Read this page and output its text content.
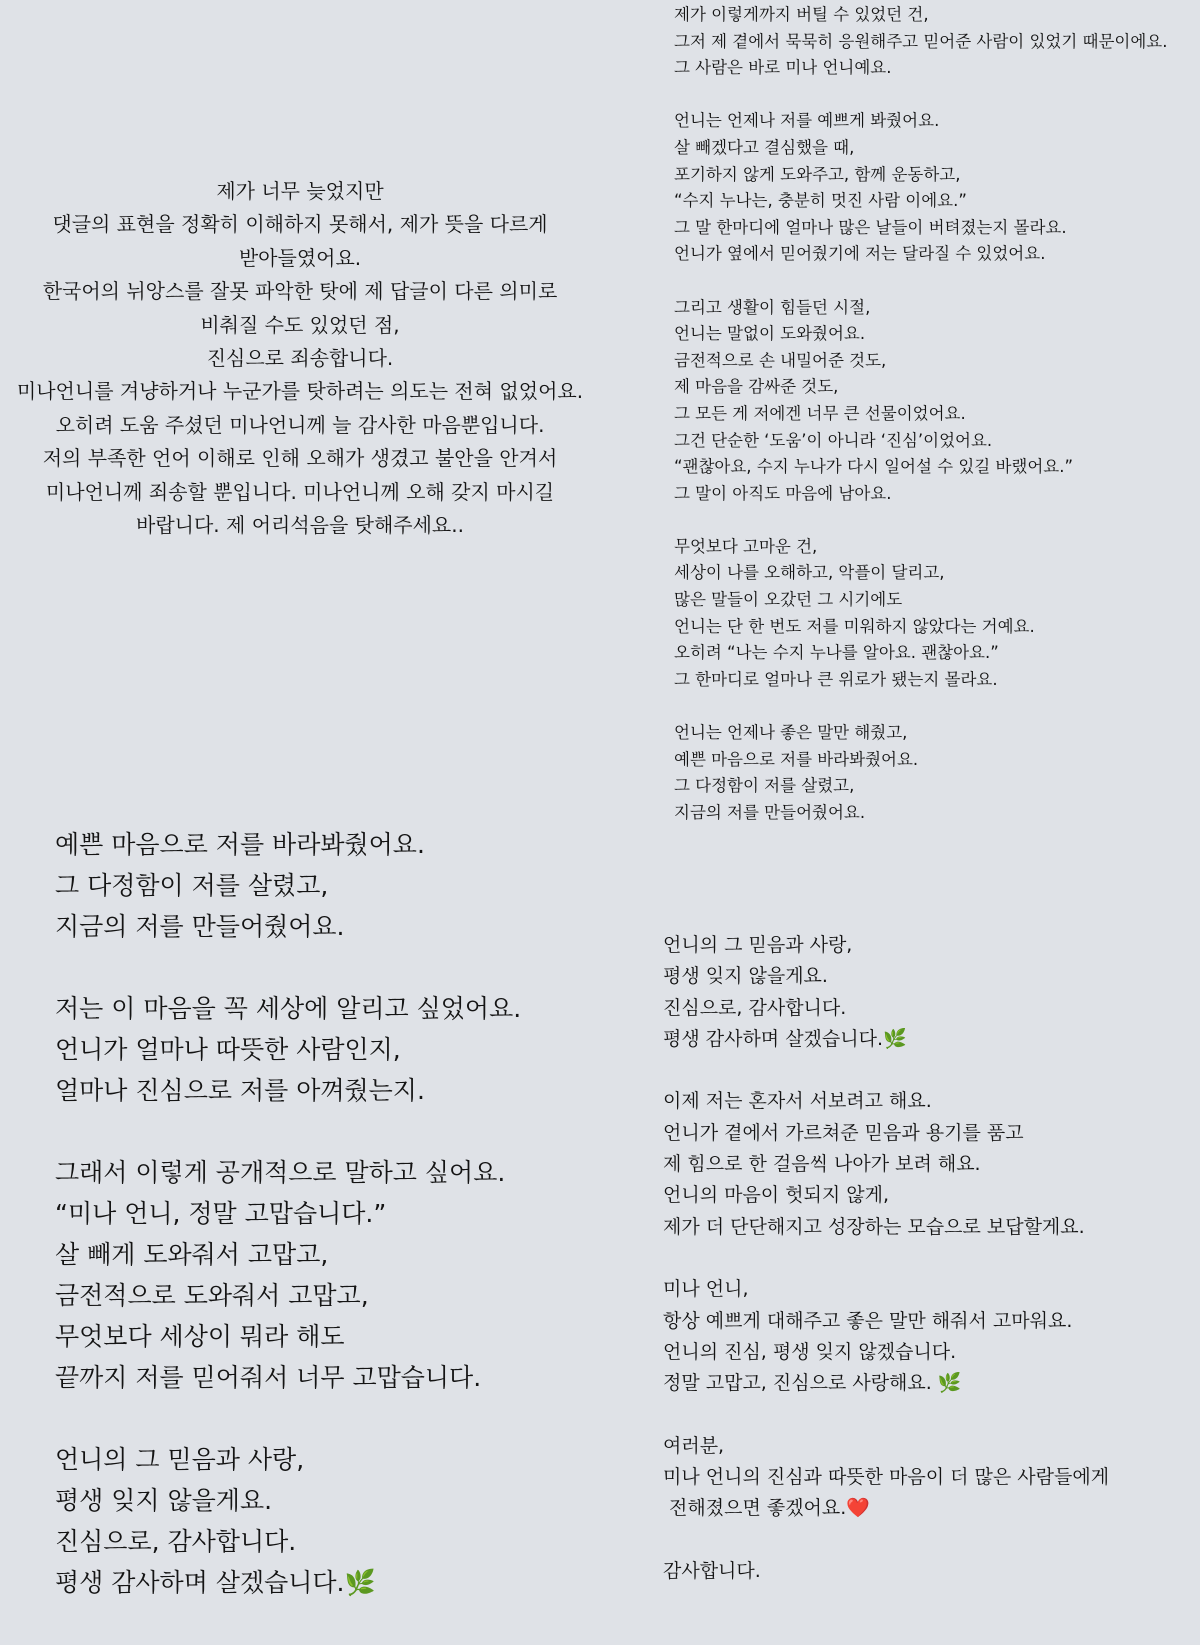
제가 너무 늦었지만
댓글의 표현을 정확히 이해하지 못해서, 제가 뜻을 다르게
받아들였어요.
한국어의 뉘앙스를 잘못 파악한 탓에 제 답글이 다른 의미로
비춰질 수도 있었던 점,
진심으로 죄송합니다.
미나언니를 겨냥하거나 누군가를 탓하려는 의도는 전혀 없었어요.
오히려 도움 주셨던 미나언니께 늘 감사한 마음뿐입니다.
저의 부족한 언어 이해로 인해 오해가 생겼고 불안을 안겨서
미나언니께 죄송할 뿐입니다. 미나언니께 오해 갖지 마시길
바랍니다. 제 어리석음을 탓해주세요..
제가 이렇게까지 버틸 수 있었던 건,
그저 제 곁에서 묵묵히 응원해주고 믿어준 사람이 있었기 때문이에요.
그 사람은 바로 미나 언니예요.
언니는 언제나 저를 예쁘게 봐줬어요.
살 빼겠다고 결심했을 때,
포기하지 않게 도와주고, 함께 운동하고,
“수지 누나는, 충분히 멋진 사람 이에요.”
그 말 한마디에 얼마나 많은 날들이 버텨졌는지 몰라요.
언니가 옆에서 믿어줬기에 저는 달라질 수 있었어요.
그리고 생활이 힘들던 시절,
언니는 말없이 도와줬어요.
금전적으로 손 내밀어준 것도,
제 마음을 감싸준 것도,
그 모든 게 저에겐 너무 큰 선물이었어요.
그건 단순한 ‘도움’이 아니라 ‘진심’이었어요.
“괜찮아요, 수지 누나가 다시 일어설 수 있길 바랬어요.”
그 말이 아직도 마음에 남아요.
무엇보다 고마운 건,
세상이 나를 오해하고, 악플이 달리고,
많은 말들이 오갔던 그 시기에도
언니는 단 한 번도 저를 미워하지 않았다는 거예요.
오히려 “나는 수지 누나를 알아요. 괜찮아요.”
그 한마디로 얼마나 큰 위로가 됐는지 몰라요.
언니는 언제나 좋은 말만 해줬고,
예쁜 마음으로 저를 바라봐줬어요.
그 다정함이 저를 살렸고,
지금의 저를 만들어줬어요.
예쁜 마음으로 저를 바라봐줬어요.
그 다정함이 저를 살렸고,
지금의 저를 만들어줬어요.
저는 이 마음을 꼭 세상에 알리고 싶었어요.
언니가 얼마나 따뜻한 사람인지,
얼마나 진심으로 저를 아껴줬는지.
그래서 이렇게 공개적으로 말하고 싶어요.
“미나 언니, 정말 고맙습니다.”
살 빼게 도와줘서 고맙고,
금전적으로 도와줘서 고맙고,
무엇보다 세상이 뭐라 해도
끝까지 저를 믿어줘서 너무 고맙습니다.
언니의 그 믿음과 사랑,
평생 잊지 않을게요.
진심으로, 감사합니다.
평생 감사하며 살겠습니다.🌿
언니의 그 믿음과 사랑,
평생 잊지 않을게요.
진심으로, 감사합니다.
평생 감사하며 살겠습니다.🌿
이제 저는 혼자서 서보려고 해요.
언니가 곁에서 가르쳐준 믿음과 용기를 품고
제 힘으로 한 걸음씩 나아가 보려 해요.
언니의 마음이 헛되지 않게,
제가 더 단단해지고 성장하는 모습으로 보답할게요.
미나 언니,
항상 예쁘게 대해주고 좋은 말만 해줘서 고마워요.
언니의 진심, 평생 잊지 않겠습니다.
정말 고맙고, 진심으로 사랑해요. 🌿
여러분,
미나 언니의 진심과 따뜻한 마음이 더 많은 사람들에게
전해졌으면 좋겠어요.❤️
감사합니다.
